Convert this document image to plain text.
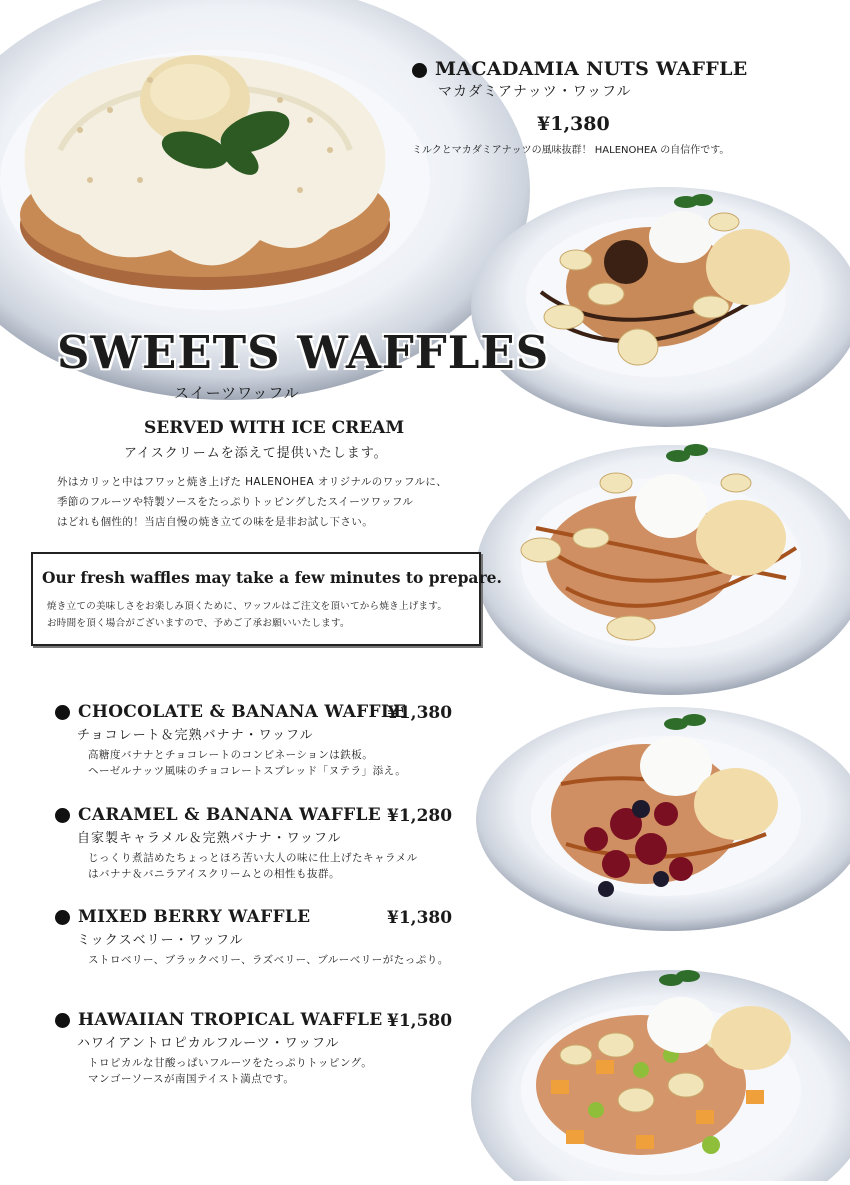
MACADAMIA NUTS WAFFLE
マカダミアナッツ・ワッフル
¥1,380
ミルクとマカダミアナッツの風味抜群！ HALENOHEA の自信作です。
SWEETS WAFFLES
スイーツワッフル
SERVED WITH ICE CREAM
アイスクリームを添えて提供いたします。
外はカリッと中はフワッと焼き上げた HALENOHEA オリジナルのワッフルに、
季節のフルーツや特製ソースをたっぷりトッピングしたスイーツワッフル
はどれも個性的！当店自慢の焼き立ての味を是非お試し下さい。
Our fresh waffles may take a few minutes to prepare.
焼き立ての美味しさをお楽しみ頂くために、ワッフルはご注文を頂いてから焼き上げます。
お時間を頂く場合がございますので、予めご了承お願いいたします。
CHOCOLATE & BANANA WAFFLE
¥1,380
チョコレート＆完熟バナナ・ワッフル
高糖度バナナとチョコレートのコンビネーションは鉄板。
ヘーゼルナッツ風味のチョコレートスプレッド「ヌテラ」添え。
CARAMEL & BANANA WAFFLE ¥1,280
自家製キャラメル＆完熟バナナ・ワッフル
じっくり煮詰めたちょっとほろ苦い大人の味に仕上げたキャラメル
はバナナ＆バニラアイスクリームとの相性も抜群。
MIXED BERRY WAFFLE	¥1,380
ミックスベリー・ワッフル
ストロベリー、ブラックベリー、ラズベリー、ブルーベリーがたっぷり。
HAWAIIAN TROPICAL WAFFLE ¥1,580
ハワイアントロピカルフルーツ・ワッフル
トロピカルな甘酸っぱいフルーツをたっぷりトッピング。
マンゴーソースが南国テイスト満点です。
